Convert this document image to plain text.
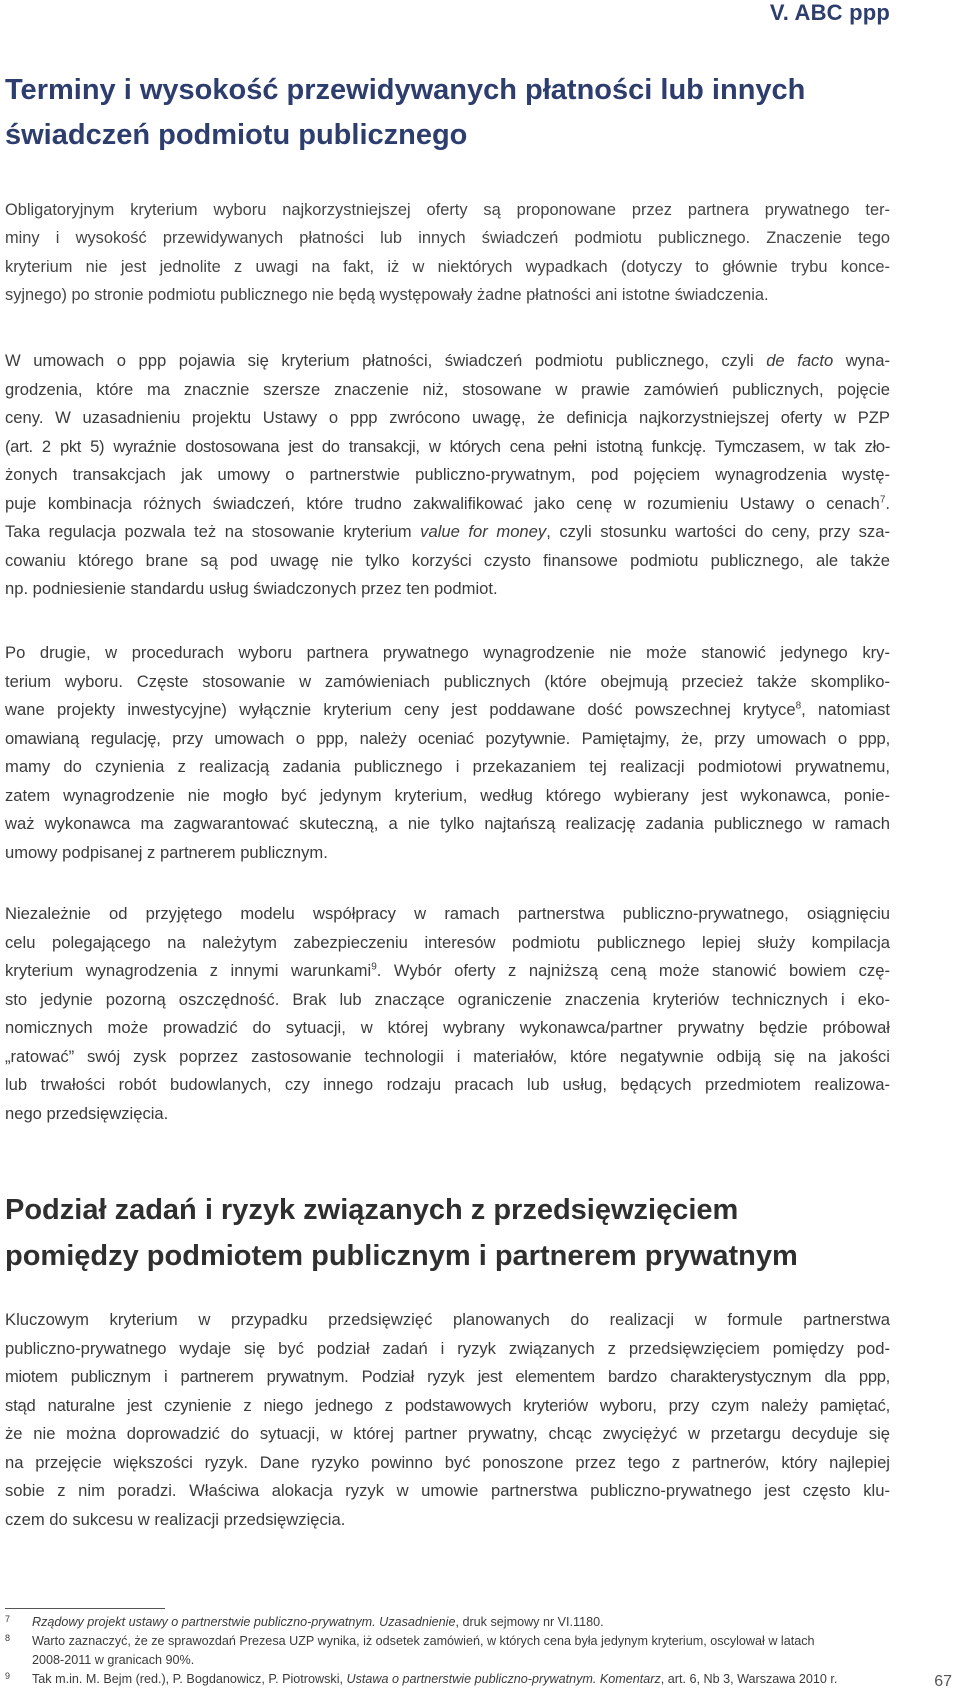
V. ABC ppp
Terminy i wysokość przewidywanych płatności lub innych
świadczeń podmiotu publicznego
Obligatoryjnym kryterium wyboru najkorzystniejszej oferty są proponowane przez partnera prywatnego ter-
miny i wysokość przewidywanych płatności lub innych świadczeń podmiotu publicznego. Znaczenie tego
kryterium nie jest jednolite z uwagi na fakt, iż w niektórych wypadkach (dotyczy to głównie trybu konce-
syjnego) po stronie podmiotu publicznego nie będą występowały żadne płatności ani istotne świadczenia.
W umowach o ppp pojawia się kryterium płatności, świadczeń podmiotu publicznego, czyli de facto wyna-
grodzenia, które ma znacznie szersze znaczenie niż, stosowane w prawie zamówień publicznych, pojęcie
ceny. W uzasadnieniu projektu Ustawy o ppp zwrócono uwagę, że definicja najkorzystniejszej oferty w PZP
(art. 2 pkt 5) wyraźnie dostosowana jest do transakcji, w których cena pełni istotną funkcję. Tymczasem, w tak zło-
żonych transakcjach jak umowy o partnerstwie publiczno-prywatnym, pod pojęciem wynagrodzenia wystę-
puje kombinacja różnych świadczeń, które trudno zakwalifikować jako cenę w rozumieniu Ustawy o cenach$^7$.
Taka regulacja pozwala też na stosowanie kryterium value for money, czyli stosunku wartości do ceny, przy sza-
cowaniu którego brane są pod uwagę nie tylko korzyści czysto finansowe podmiotu publicznego, ale także
np. podniesienie standardu usług świadczonych przez ten podmiot.
Po drugie, w procedurach wyboru partnera prywatnego wynagrodzenie nie może stanowić jedynego kry-
terium wyboru. Częste stosowanie w zamówieniach publicznych (które obejmują przecież także skompliko-
wane projekty inwestycyjne) wyłącznie kryterium ceny jest poddawane dość powszechnej krytyce$^8$, natomiast
omawianą regulację, przy umowach o ppp, należy oceniać pozytywnie. Pamiętajmy, że, przy umowach o ppp,
mamy do czynienia z realizacją zadania publicznego i przekazaniem tej realizacji podmiotowi prywatnemu,
zatem wynagrodzenie nie mogło być jedynym kryterium, według którego wybierany jest wykonawca, ponie-
waż wykonawca ma zagwarantować skuteczną, a nie tylko najtańszą realizację zadania publicznego w ramach
umowy podpisanej z partnerem publicznym.
Niezależnie od przyjętego modelu współpracy w ramach partnerstwa publiczno-prywatnego, osiągnięciu
celu polegającego na należytym zabezpieczeniu interesów podmiotu publicznego lepiej służy kompilacja
kryterium wynagrodzenia z innymi warunkami$^9$. Wybór oferty z najniższą ceną może stanowić bowiem czę-
sto jedynie pozorną oszczędność. Brak lub znaczące ograniczenie znaczenia kryteriów technicznych i eko-
nomicznych może prowadzić do sytuacji, w której wybrany wykonawca/partner prywatny będzie próbował
„ratować” swój zysk poprzez zastosowanie technologii i materiałów, które negatywnie odbiją się na jakości
lub trwałości robót budowlanych, czy innego rodzaju pracach lub usług, będących przedmiotem realizowa-
nego przedsięwzięcia.
Podział zadań i ryzyk związanych z przedsięwzięciem
pomiędzy podmiotem publicznym i partnerem prywatnym
Kluczowym kryterium w przypadku przedsięwzięć planowanych do realizacji w formule partnerstwa
publiczno-prywatnego wydaje się być podział zadań i ryzyk związanych z przedsięwzięciem pomiędzy pod-
miotem publicznym i partnerem prywatnym. Podział ryzyk jest elementem bardzo charakterystycznym dla ppp,
stąd naturalne jest czynienie z niego jednego z podstawowych kryteriów wyboru, przy czym należy pamiętać,
że nie można doprowadzić do sytuacji, w której partner prywatny, chcąc zwyciężyć w przetargu decyduje się
na przejęcie większości ryzyk. Dane ryzyko powinno być ponoszone przez tego z partnerów, który najlepiej
sobie z nim poradzi. Właściwa alokacja ryzyk w umowie partnerstwa publiczno-prywatnego jest często klu-
czem do sukcesu w realizacji przedsięwzięcia.
7 Rządowy projekt ustawy o partnerstwie publiczno-prywatnym. Uzasadnienie, druk sejmowy nr VI.1180.
8 Warto zaznaczyć, że ze sprawozdań Prezesa UZP wynika, iż odsetek zamówień, w których cena była jedynym kryterium, oscylował w latach
2008-2011 w granicach 90%.
9 Tak m.in. M. Bejm (red.), P. Bogdanowicz, P. Piotrowski, Ustawa o partnerstwie publiczno-prywatnym. Komentarz, art. 6, Nb 3, Warszawa 2010 r.	67
